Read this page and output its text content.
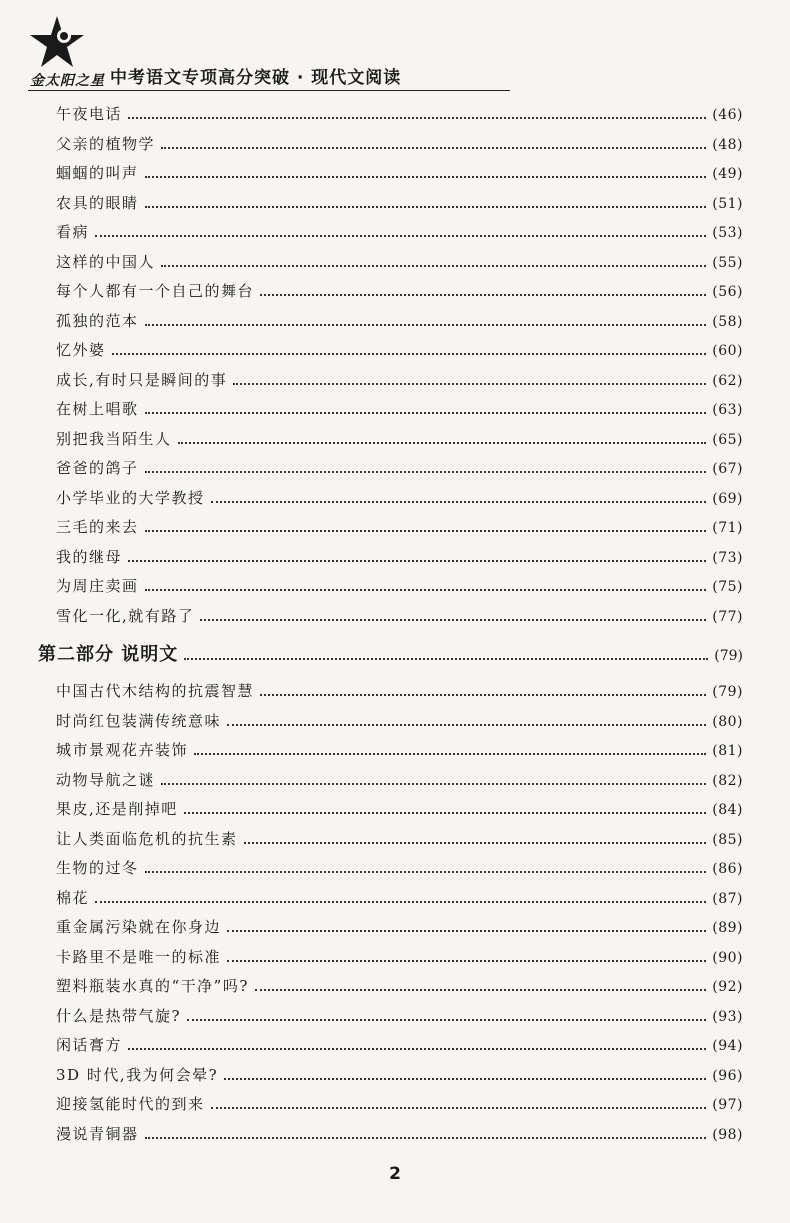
金太阳之星 中考语文专项高分突破 · 现代文阅读
午夜电话	(46)
父亲的植物学	(48)
蝈蝈的叫声	(49)
农具的眼睛	(51)
看病	(53)
这样的中国人	(55)
每个人都有一个自己的舞台	(56)
孤独的范本	(58)
忆外婆	(60)
成长,有时只是瞬间的事	(62)
在树上唱歌	(63)
别把我当陌生人	(65)
爸爸的鸽子	(67)
小学毕业的大学教授	(69)
三毛的来去	(71)
我的继母	(73)
为周庄卖画	(75)
雪化一化,就有路了	(77)
第二部分 说明文	(79)
中国古代木结构的抗震智慧	(79)
时尚红包装满传统意味	(80)
城市景观花卉装饰	(81)
动物导航之谜	(82)
果皮,还是削掉吧	(84)
让人类面临危机的抗生素	(85)
生物的过冬	(86)
棉花	(87)
重金属污染就在你身边	(89)
卡路里不是唯一的标准	(90)
塑料瓶装水真的“干净”吗?	(92)
什么是热带气旋?	(93)
闲话膏方	(94)
3D 时代,我为何会晕?	(96)
迎接氢能时代的到来	(97)
漫说青铜器	(98)
2
